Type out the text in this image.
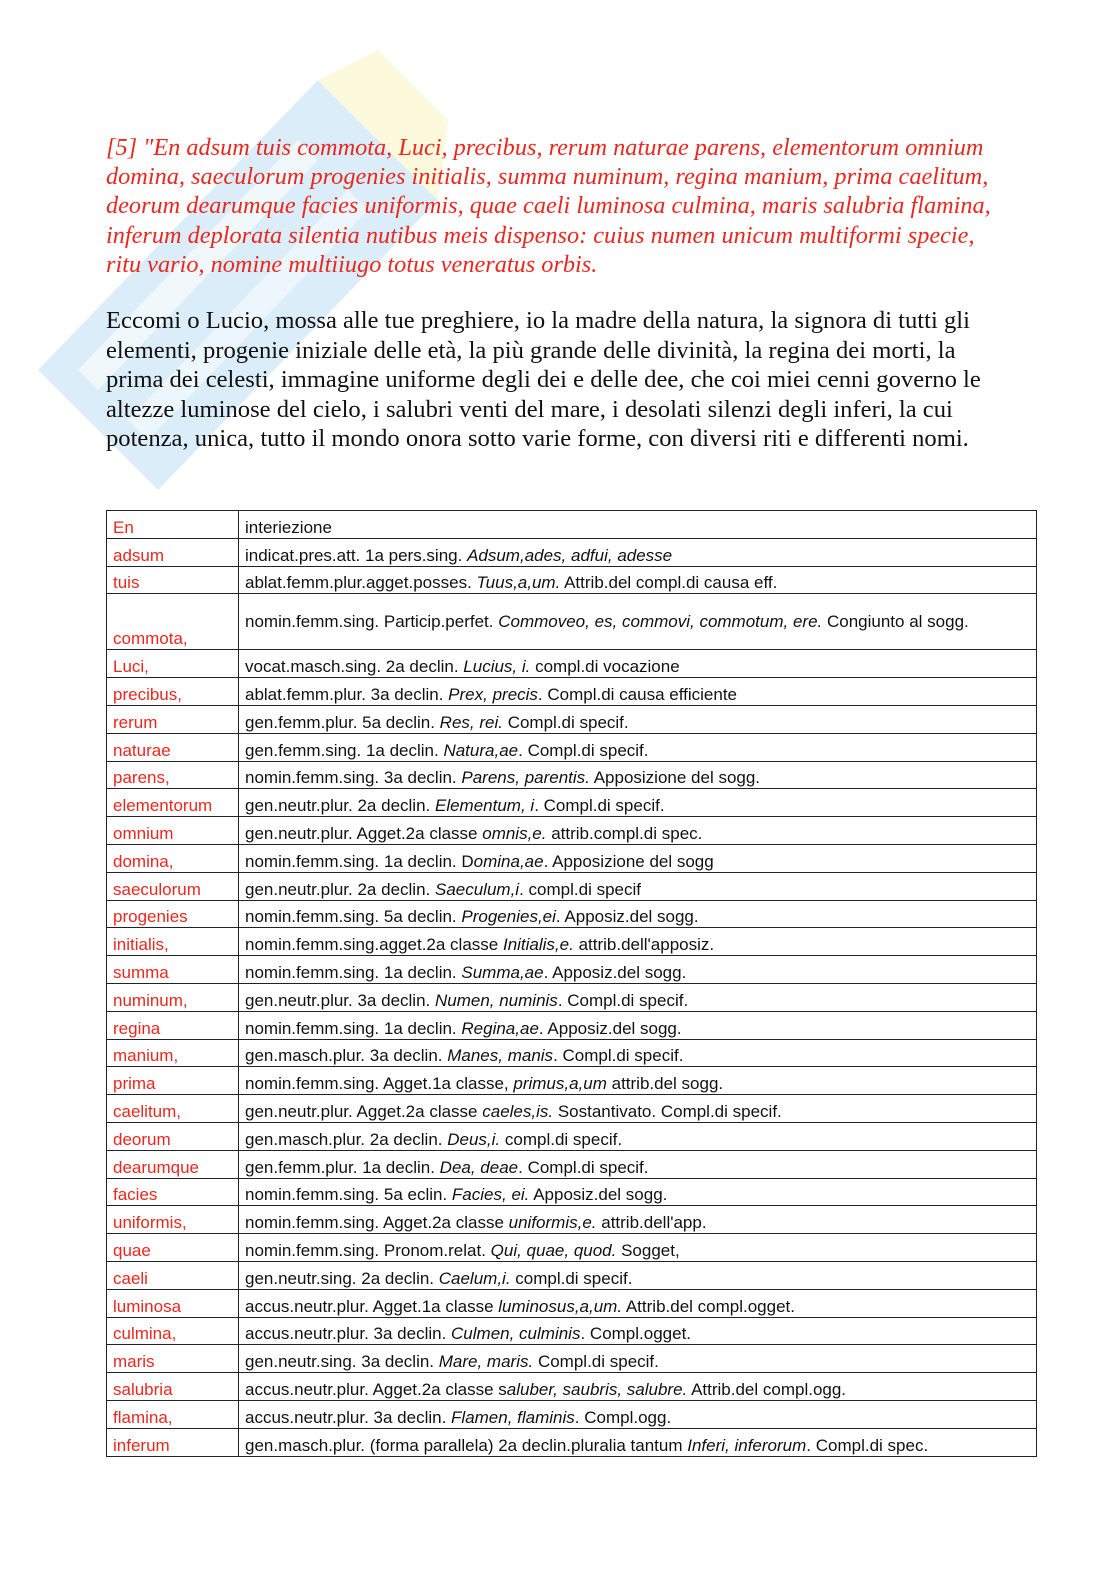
[5] "En adsum tuis commota, Luci, precibus, rerum naturae parens, elementorum omnium domina, saeculorum progenies initialis, summa numinum, regina manium, prima caelitum, deorum dearumque facies uniformis, quae caeli luminosa culmina, maris salubria flamina, inferum deplorata silentia nutibus meis dispenso: cuius numen unicum multiformi specie, ritu vario, nomine multiiugo totus veneratus orbis.

Eccomi o Lucio, mossa alle tue preghiere, io la madre della natura, la signora di tutti gli elementi, progenie iniziale delle età, la più grande delle divinità, la regina dei morti, la prima dei celesti, immagine uniforme degli dei e delle dee, che coi miei cenni governo le altezze luminose del cielo, i salubri venti del mare, i desolati silenzi degli inferi, la cui potenza, unica, tutto il mondo onora sotto varie forme, con diversi riti e differenti nomi.

En	interiezione
adsum	indicat.pres.att. 1a pers.sing. Adsum,ades, adfui, adesse
tuis	ablat.femm.plur.agget.posses. Tuus,a,um. Attrib.del compl.di causa eff.
commota,	nomin.femm.sing. Particip.perfet. Commoveo, es, commovi, commotum, ere. Congiunto al sogg.
Luci,	vocat.masch.sing. 2a declin. Lucius, i. compl.di vocazione
precibus,	ablat.femm.plur. 3a declin. Prex, precis. Compl.di causa efficiente
rerum	gen.femm.plur. 5a declin. Res, rei. Compl.di specif.
naturae	gen.femm.sing. 1a declin. Natura,ae. Compl.di specif.
parens,	nomin.femm.sing. 3a declin. Parens, parentis. Apposizione del sogg.
elementorum	gen.neutr.plur. 2a declin. Elementum, i. Compl.di specif.
omnium	gen.neutr.plur. Agget.2a classe omnis,e. attrib.compl.di spec.
domina,	nomin.femm.sing. 1a declin. Domina,ae. Apposizione del sogg
saeculorum	gen.neutr.plur. 2a declin. Saeculum,i. compl.di specif
progenies	nomin.femm.sing. 5a declin. Progenies,ei. Apposiz.del sogg.
initialis,	nomin.femm.sing.agget.2a classe Initialis,e. attrib.dell'apposiz.
summa	nomin.femm.sing. 1a declin. Summa,ae. Apposiz.del sogg.
numinum,	gen.neutr.plur. 3a declin. Numen, numinis. Compl.di specif.
regina	nomin.femm.sing. 1a declin. Regina,ae. Apposiz.del sogg.
manium,	gen.masch.plur. 3a declin. Manes, manis. Compl.di specif.
prima	nomin.femm.sing. Agget.1a classe, primus,a,um attrib.del sogg.
caelitum,	gen.neutr.plur. Agget.2a classe caeles,is. Sostantivato. Compl.di specif.
deorum	gen.masch.plur. 2a declin. Deus,i. compl.di specif.
dearumque	gen.femm.plur. 1a declin. Dea, deae. Compl.di specif.
facies	nomin.femm.sing. 5a eclin. Facies, ei. Apposiz.del sogg.
uniformis,	nomin.femm.sing. Agget.2a classe uniformis,e. attrib.dell'app.
quae	nomin.femm.sing. Pronom.relat. Qui, quae, quod. Sogget,
caeli	gen.neutr.sing. 2a declin. Caelum,i. compl.di specif.
luminosa	accus.neutr.plur. Agget.1a classe luminosus,a,um. Attrib.del compl.ogget.
culmina,	accus.neutr.plur. 3a declin. Culmen, culminis. Compl.ogget.
maris	gen.neutr.sing. 3a declin. Mare, maris. Compl.di specif.
salubria	accus.neutr.plur. Agget.2a classe saluber, saubris, salubre. Attrib.del compl.ogg.
flamina,	accus.neutr.plur. 3a declin. Flamen, flaminis. Compl.ogg.
inferum	gen.masch.plur. (forma parallela) 2a declin.pluralia tantum Inferi, inferorum. Compl.di spec.
